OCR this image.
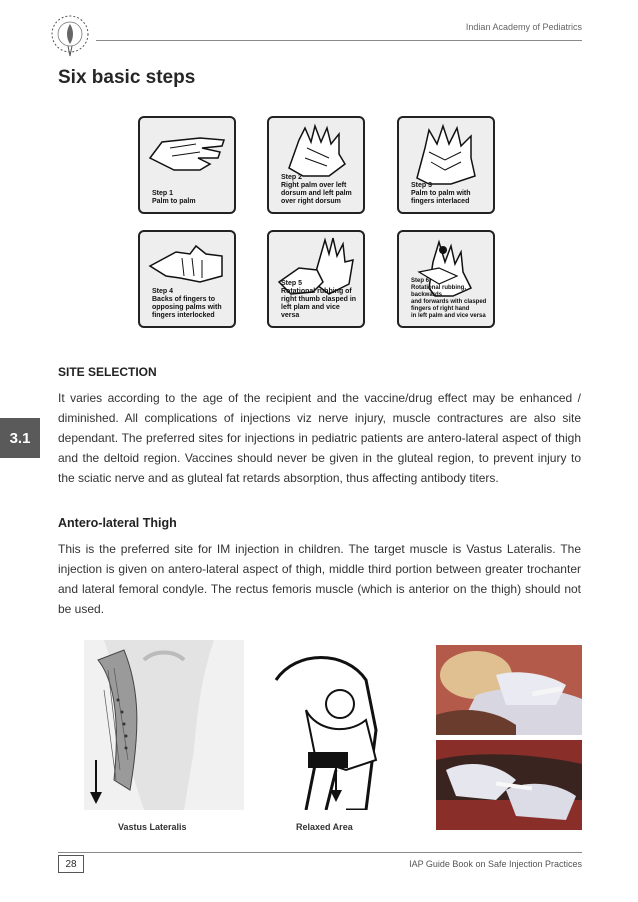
Indian Academy of Pediatrics
Six basic steps
Step 1
Palm to palm
Step 2
Right palm over left
dorsum and left palm
over right dorsum
Step 3
Palm to palm with
fingers interlaced
Step 4
Backs of fingers to
opposing palms with
fingers interlocked
Step 5
Rotational rubbing of
right thumb clasped in
left plam and vice versa
Step 6
Rotational rubbing, backwards
and forwards with clasped
fingers of right hand
in left palm and vice versa
3.1
SITE SELECTION

It varies according to the age of the recipient and the vaccine/drug effect may be enhanced / diminished. All complications of injections viz nerve injury, muscle contractures are also site dependant. The preferred sites for injections in pediatric patients are antero-lateral aspect of thigh and the deltoid region. Vaccines should never be given in the gluteal region, to prevent injury to the sciatic nerve and as gluteal fat retards absorption, thus affecting antibody titers.

Antero-lateral Thigh

This is the preferred site for IM injection in children. The target muscle is Vastus Lateralis. The injection is given on antero-lateral aspect of thigh, middle third portion between greater trochanter and lateral femoral condyle. The rectus femoris muscle (which is anterior on the thigh) should not be used.

Vastus Lateralis	Relaxed Area
28	IAP Guide Book on Safe Injection Practices
